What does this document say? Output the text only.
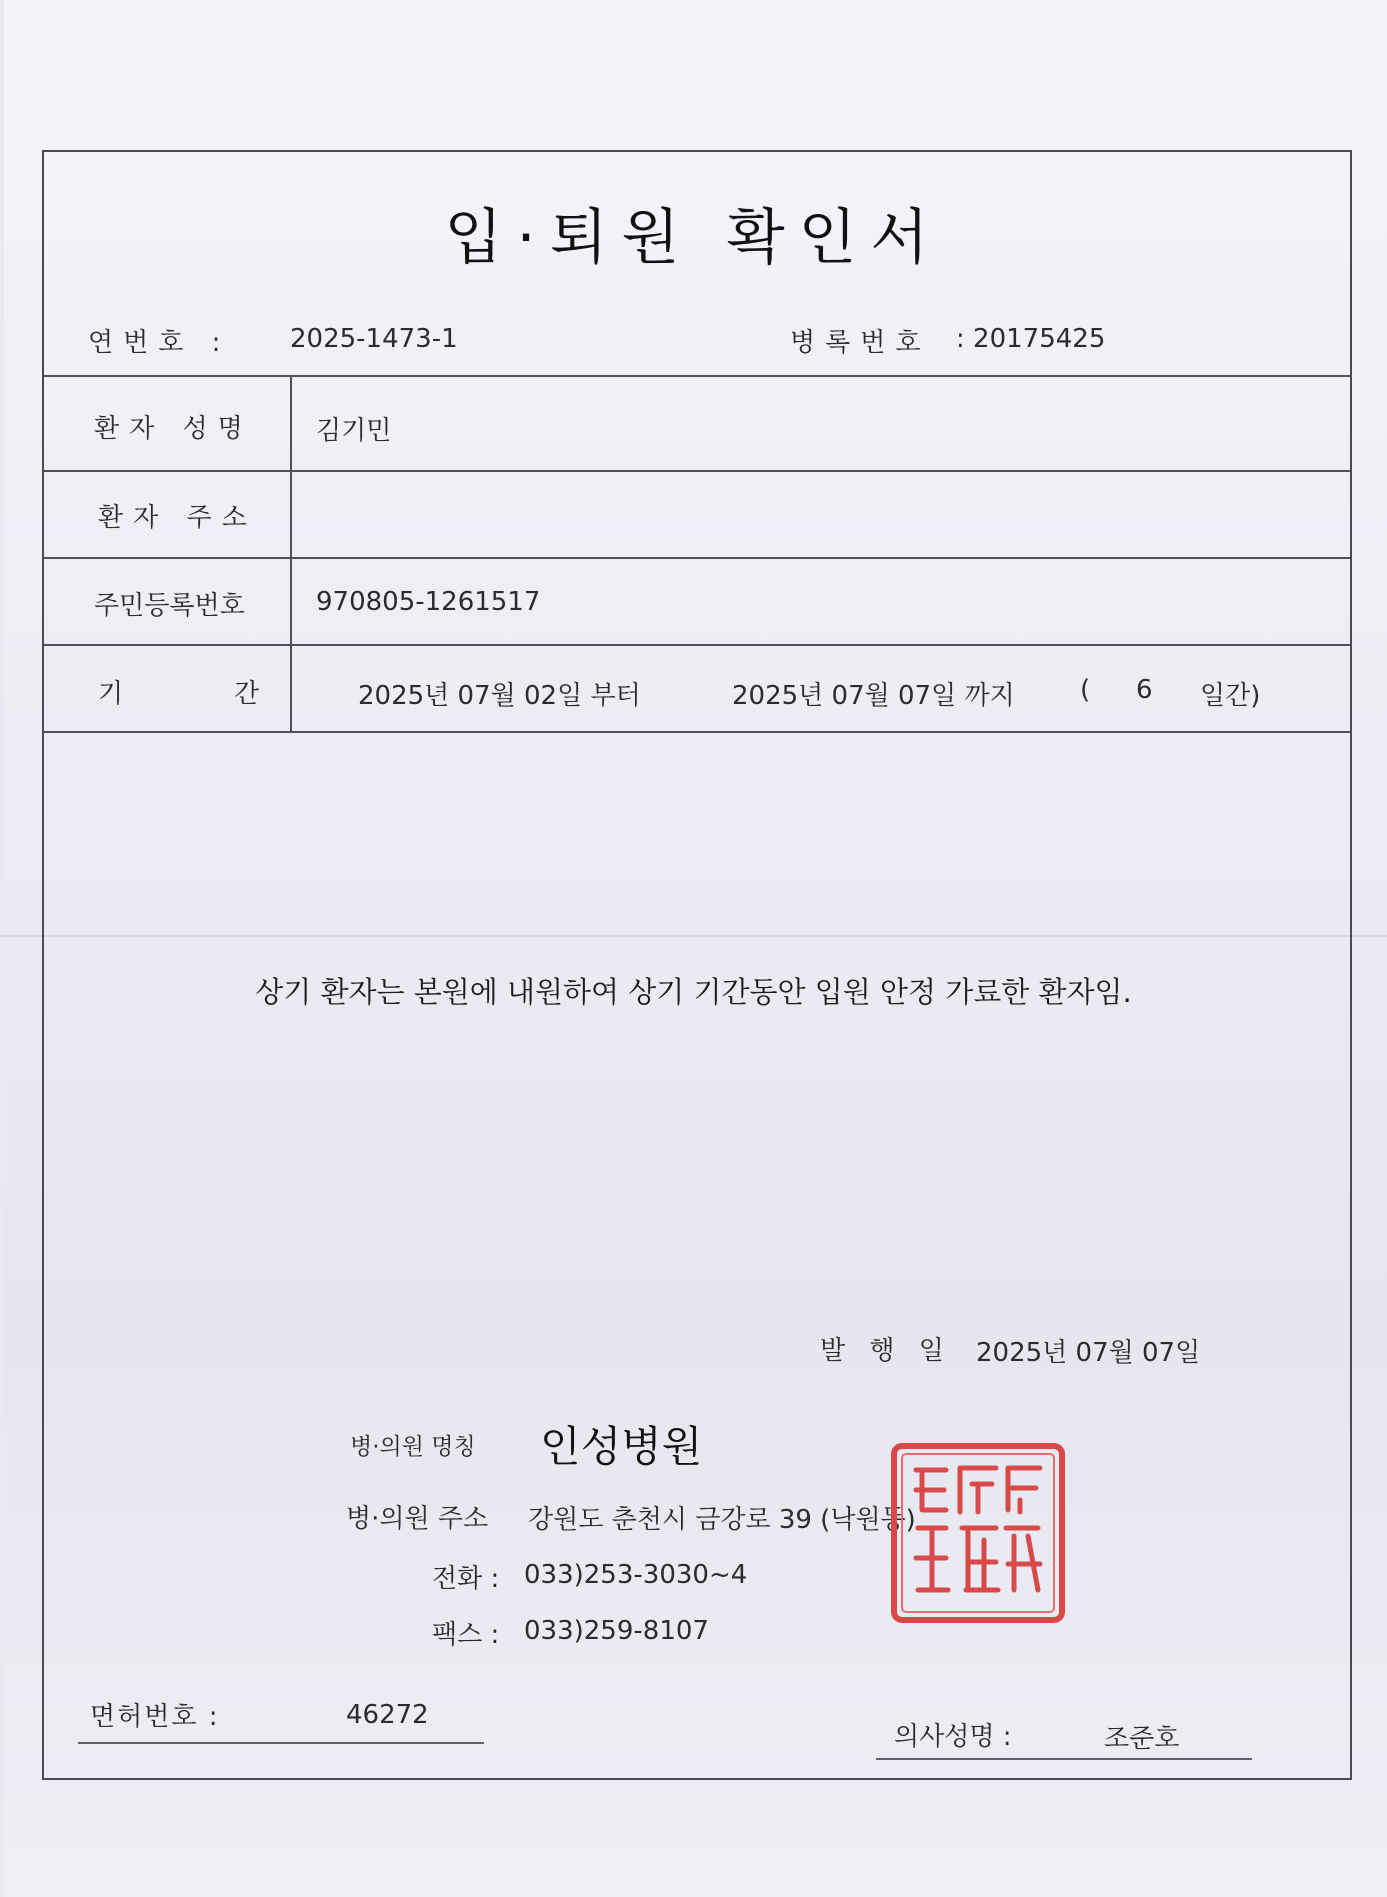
입·퇴원 확인서
연번호 : 2025-1473-1	병록번호 : 20175425
환자 성명 김기민
환자 주소
주민등록번호	970805-1261517
기	간	2025년 07월 02일 부터	2025년 07월 07일 까지	( 6 일간)
상기 환자는 본원에 내원하여 상기 기간동안 입원 안정 가료한 환자임.
발 행 일 2025년 07월 07일
병·의원 명칭 인성병원
병·의원 주소 강원도 춘천시 금강로 39 (낙원동)
전화 : 033)253-3030~4
팩스 : 033)259-8107
면허번호 :	46272
의사성명 :	조준호
